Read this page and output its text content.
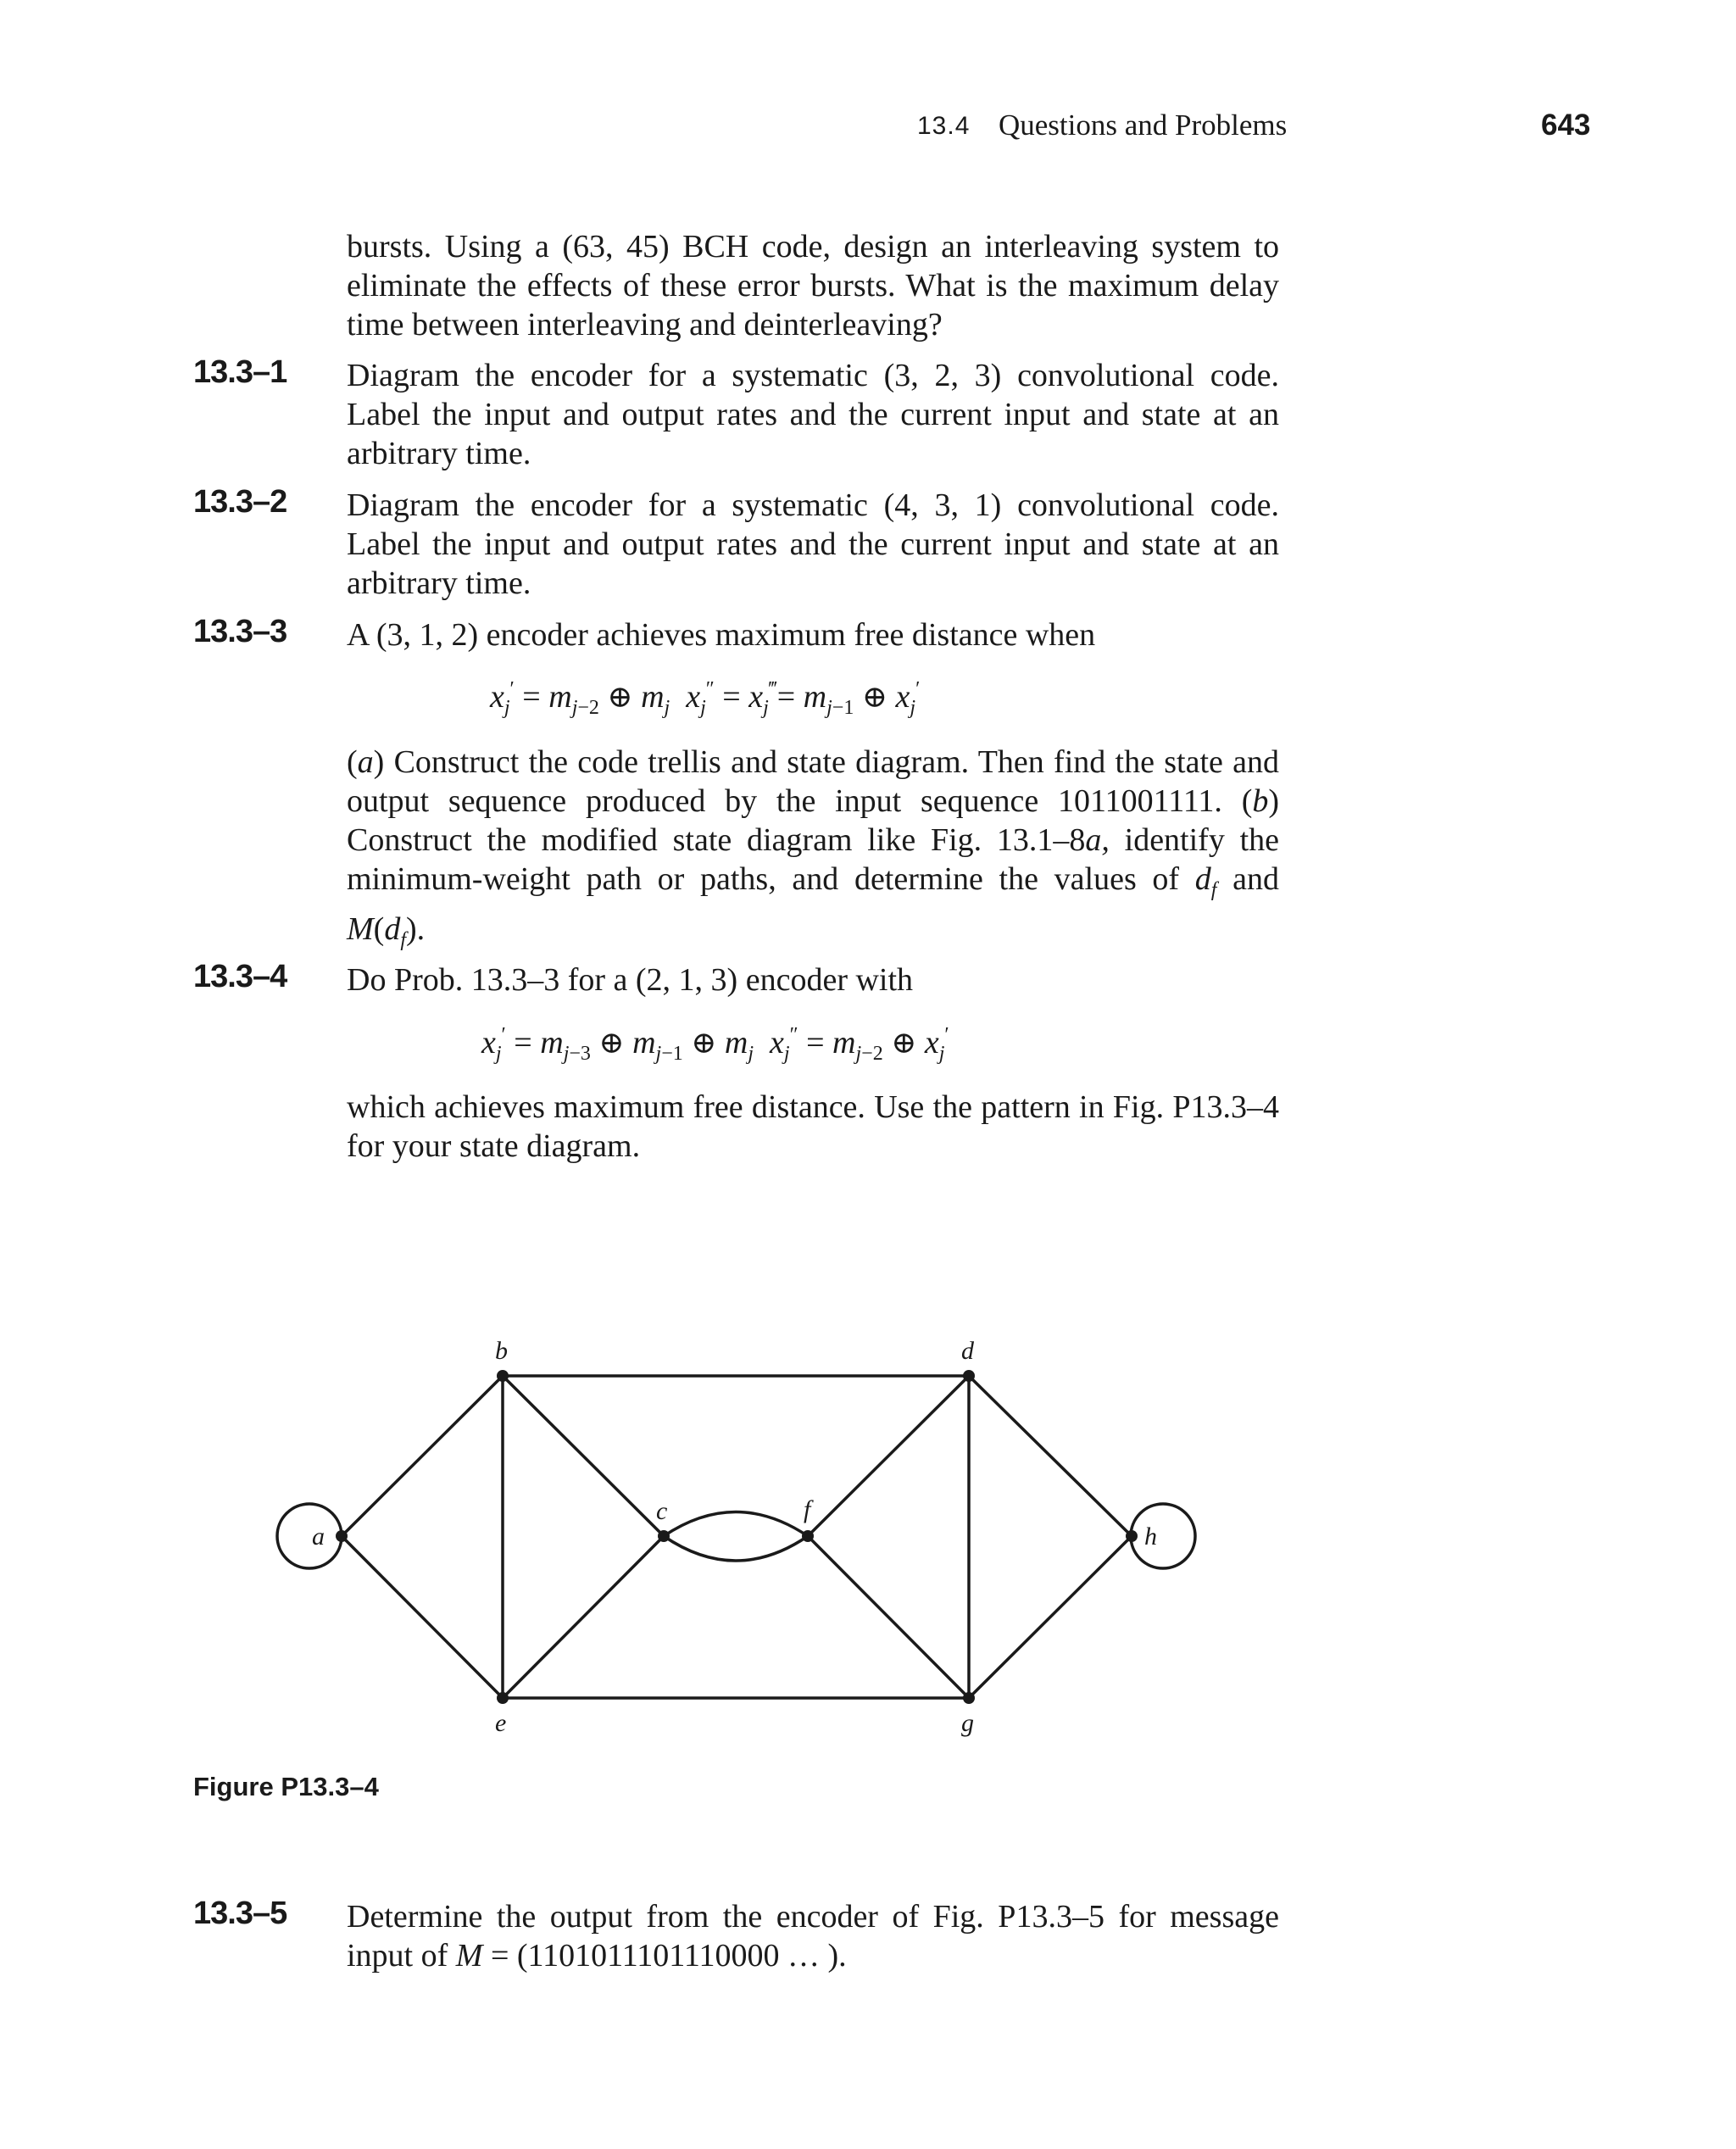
13.4 Questions and Problems	643
bursts. Using a (63, 45) BCH code, design an interleaving system to eliminate the effects of these error bursts. What is the maximum delay time between interleaving and deinterleaving?
13.3–1 Diagram the encoder for a systematic (3, 2, 3) convolutional code. Label the input and output rates and the current input and state at an arbitrary time.
13.3–2 Diagram the encoder for a systematic (4, 3, 1) convolutional code. Label the input and output rates and the current input and state at an arbitrary time.
13.3–3 A (3, 1, 2) encoder achieves maximum free distance when
$x_j' = m_{j-2}$ ⊕ $m_j$  $x_j'' = x_j^‴= m_{j-1}$ ⊕ $x_j'$
(a) Construct the code trellis and state diagram. Then find the state and output sequence produced by the input sequence 1011001111. (b) Construct the modified state diagram like Fig. 13.1–8a, identify the minimum-weight path or paths, and determine the values of $d_f$ and $M(d_f)$.
13.3–4 Do Prob. 13.3–3 for a (2, 1, 3) encoder with
$x_j' = m_{j-3}$ ⊕ $m_{j-1}$ ⊕ $m_j$  $x_j'' = m_{j-2}$ ⊕ $x_j'$
which achieves maximum free distance. Use the pattern in Fig. P13.3–4 for your state diagram.
a
b
c
d
e
f
g
h
Figure P13.3–4
13.3–5 Determine the output from the encoder of Fig. P13.3–5 for message input of M = (1101011101110000 … ).
